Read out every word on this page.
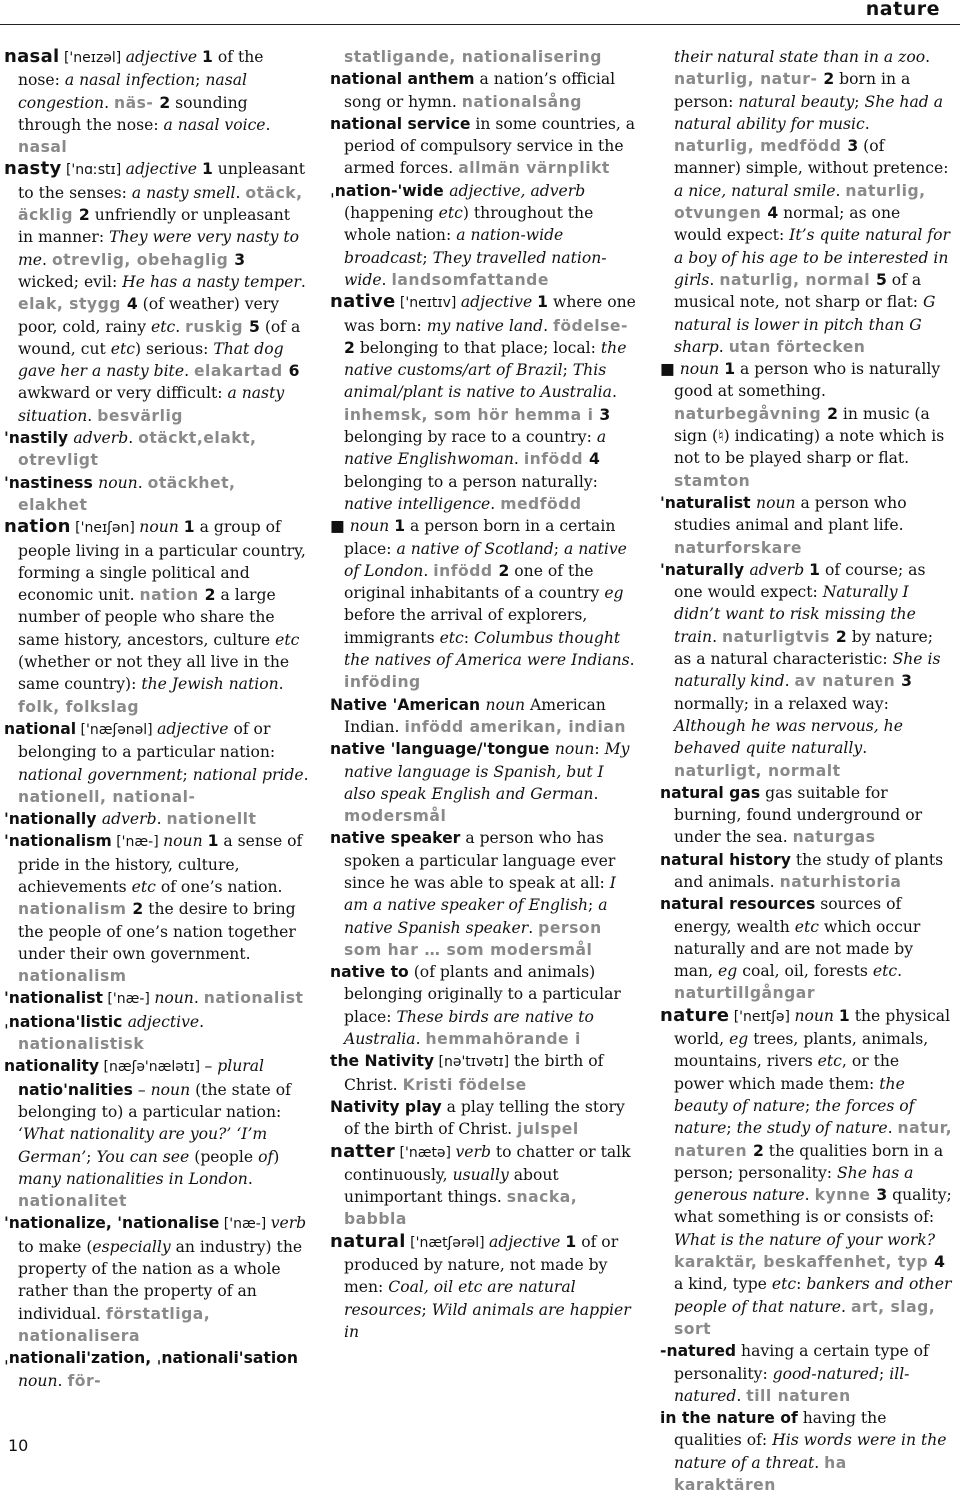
nature

nasal ['neɪzəl] adjective 1 of the nose: a nasal infection; nasal congestion. näs- 2 sounding through the nose: a nasal voice. nasal

nasty ['nɑːstɪ] adjective 1 unpleasant to the senses: a nasty smell. otäck, äcklig 2 unfriendly or unpleasant in manner: They were very nasty to me. otrevlig, obehaglig 3 wicked; evil: He has a nasty temper. elak, stygg 4 (of weather) very poor, cold, rainy etc. ruskig 5 (of a wound, cut etc) serious: That dog gave her a nasty bite. elakartad 6 awkward or very difficult: a nasty situation. besvärlig

'nastily adverb. otäckt,elakt, otrevligt

'nastiness noun. otäckhet, elakhet

nation ['neɪʃən] noun 1 a group of people living in a particular country, forming a single political and economic unit. nation 2 a large number of people who share the same history, ancestors, culture etc (whether or not they all live in the same country): the Jewish nation. folk, folkslag

national ['næʃənəl] adjective of or belonging to a particular nation: national government; national pride. nationell, national-

'nationally adverb. nationellt

'nationalism ['næ-] noun 1 a sense of pride in the history, culture, achievements etc of one’s nation. nationalism 2 the desire to bring the people of one’s nation together under their own government. nationalism

'nationalist ['næ-] noun. nationalist

ˌnationa'listic adjective. nationalistisk

nationality [næʃə'nælətɪ] – plural natio'nalities – noun (the state of belonging to) a particular nation: ‘What nationality are you?’ ‘I’m German’; You can see (people of) many nationalities in London. nationalitet

'nationalize, 'nationalise ['næ-] verb to make (especially an industry) the property of the nation as a whole rather than the property of an individual. förstatliga, nationalisera

ˌnationali'zation, ˌnationali'sation noun. för-

statligande, nationalisering

national anthem a nation’s official song or hymn. nationalsång

national service in some countries, a period of compulsory service in the armed forces. allmän värnplikt

ˌnation-'wide adjective, adverb (happening etc) throughout the whole nation: a nation-wide broadcast; They travelled nation-wide. landsomfattande

native ['neɪtɪv] adjective 1 where one was born: my native land. födelse- 2 belonging to that place; local: the native customs/art of Brazil; This animal/plant is native to Australia. inhemsk, som hör hemma i 3 belonging by race to a country: a native Englishwoman. infödd 4 belonging to a person naturally: native intelligence. medfödd

■ noun 1 a person born in a certain place: a native of Scotland; a native of London. infödd 2 one of the original inhabitants of a country eg before the arrival of explorers, immigrants etc: Columbus thought the natives of America were Indians. inföding

Native 'American noun American Indian. infödd amerikan, indian

native 'language/'tongue noun: My native language is Spanish, but I also speak English and German. modersmål

native speaker a person who has spoken a particular language ever since he was able to speak at all: I am a native speaker of English; a native Spanish speaker. person som har … som modersmål

native to (of plants and animals) belonging originally to a particular place: These birds are native to Australia. hemmahörande i

the Nativity [nə'tɪvətɪ] the birth of Christ. Kristi födelse

Nativity play a play telling the story of the birth of Christ. julspel

natter ['nætə] verb to chatter or talk continuously, usually about unimportant things. snacka, babbla

natural ['nætʃərəl] adjective 1 of or produced by nature, not made by men: Coal, oil etc are natural resources; Wild animals are happier in

their natural state than in a zoo. naturlig, natur- 2 born in a person: natural beauty; She had a natural ability for music. naturlig, medfödd 3 (of manner) simple, without pretence: a nice, natural smile. naturlig, otvungen 4 normal; as one would expect: It’s quite natural for a boy of his age to be interested in girls. naturlig, normal 5 of a musical note, not sharp or flat: G natural is lower in pitch than G sharp. utan förtecken

■ noun 1 a person who is naturally good at something. naturbegåvning 2 in music (a sign (♮) indicating) a note which is not to be played sharp or flat. stamton

'naturalist noun a person who studies animal and plant life. naturforskare

'naturally adverb 1 of course; as one would expect: Naturally I didn’t want to risk missing the train. naturligtvis 2 by nature; as a natural characteristic: She is naturally kind. av naturen 3 normally; in a relaxed way: Although he was nervous, he behaved quite naturally. naturligt, normalt

natural gas gas suitable for burning, found underground or under the sea. naturgas

natural history the study of plants and animals. naturhistoria

natural resources sources of energy, wealth etc which occur naturally and are not made by man, eg coal, oil, forests etc. naturtillgångar

nature ['neɪtʃə] noun 1 the physical world, eg trees, plants, animals, mountains, rivers etc, or the power which made them: the beauty of nature; the forces of nature; the study of nature. natur, naturen 2 the qualities born in a person; personality: She has a generous nature. kynne 3 quality; what something is or consists of: What is the nature of your work? karaktär, beskaffenhet, typ 4 a kind, type etc: bankers and other people of that nature. art, slag, sort

-natured having a certain type of personality: good-natured; ill-natured. till naturen

in the nature of having the qualities of: His words were in the nature of a threat. ha karaktären

10
